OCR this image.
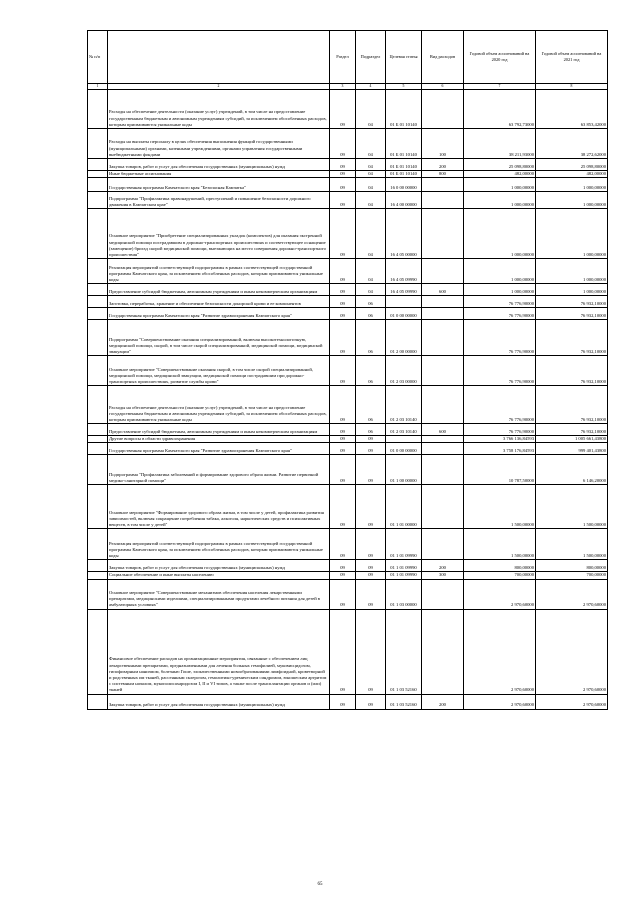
№ п/п		Раздел	Подраздел	Целевая статья	Вид расходов	Годовой объем ассигнований на 2020 год	Годовой объем ассигнований на 2021 год
1	2	3	4	5	6	7	8
	Расходы на обеспечение деятельности (оказание услуг) учреждений, в том числе на предоставление государственным бюджетным и автономным учреждениям субсидий, за исключением обособленных расходов, которым присваиваются уникальные коды	09	04	01 Б 01 10140		63 792,73000	63 853,42000
	Расходы на выплаты персоналу в целях обеспечения выполнения функций государственными (муниципальными) органами, казенными учреждениями, органами управления государственными внебюджетными фондами	09	04	01 Б 01 10140	100	38 211,93000	38 272,62000
	Закупка товаров, работ и услуг для обеспечения государственных (муниципальных) нужд	09	04	01 Б 01 10140	200	25 098,80000	25 098,80000
	Иные бюджетные ассигнования	09	04	01 Б 01 10140	800	482,00000	482,00000
	Государственная программа Камчатского края "Безопасная Камчатка"	09	04	16 0 00 00000		1 000,00000	1 000,00000
	Подпрограмма "Профилактика правонарушений, преступлений и повышение безопасности дорожного движения в Камчатском крае"	09	04	16 4 00 00000		1 000,00000	1 000,00000
	Основное мероприятие "Приобретение специализированных укладок (комплектов) для оказания экстренной медицинской помощи пострадавшим в дорожно-транспортных происшествиях и соответствующее оснащение (замещение) бригад скорой медицинской помощи, выезжающих на место совершения дорожно-транспортного происшествия"	09	04	16 4 05 00000		1 000,00000	1 000,00000
	Реализация мероприятий соответствующей подпрограммы в рамках соответствующей государственной программы Камчатского края, за исключением обособленных расходов, которым присваиваются уникальные коды	09	04	16 4 05 09990		1 000,00000	1 000,00000
	Предоставление субсидий бюджетным, автономным учреждениям и иным некоммерческим организациям	09	04	16 4 05 09990	600	1 000,00000	1 000,00000
	Заготовка, переработка, хранение и обеспечение безопасности донорской крови и ее компонентов	09	06			76 776,90000	76 932,10000
	Государственная программа Камчатского края "Развитие здравоохранения Камчатского края"	09	06	01 0 00 00000		76 776,90000	76 932,10000
	Подпрограмма "Совершенствование оказания специализированной, включая высокотехнологичную, медицинской помощи, скорой, в том числе скорой специализированной, медицинской помощи, медицинской эвакуации"	09	06	01 2 00 00000		76 776,90000	76 932,10000
	Основное мероприятие "Совершенствование оказания скорой, в том числе скорой специализированной, медицинской помощи, медицинской эвакуации, медицинской помощи пострадавшим при дорожно-транспортных происшествиях, развитие службы крови"	09	06	01 2 03 00000		76 776,90000	76 932,10000
	Расходы на обеспечение деятельности (оказание услуг) учреждений, в том числе на предоставление государственным бюджетным и автономным учреждениям субсидий, за исключением обособленных расходов, которым присваиваются уникальные коды	09	06	01 2 03 10140		76 776,90000	76 932,10000
	Предоставление субсидий бюджетным, автономным учреждениям и иным некоммерческим организациям	09	06	01 2 03 10140	600	76 776,90000	76 932,10000
	Другие вопросы в области здравоохранения	09	09			3 766 136,84593	1 005 661,43800
	Государственная программа Камчатского края "Развитие здравоохранения Камчатского края"	09	09	01 0 00 00000		3 758 176,84593	999 401,43800
	Подпрограмма "Профилактика заболеваний и формирование здорового образа жизни. Развитие первичной медико-санитарной помощи"	09	09	01 1 00 00000		10 787,50000	6 146,20000
	Основное мероприятие "Формирование здорового образа жизни, в том числе у детей, профилактика развития зависимостей, включая сокращение потребления табака, алкоголя, наркотических средств и психоактивных веществ, в том числе у детей"	09	09	01 1 01 00000		1 500,00000	1 500,00000
	Реализация мероприятий соответствующей подпрограммы в рамках соответствующей государственной программы Камчатского края, за исключением обособленных расходов, которым присваиваются уникальные коды	09	09	01 1 01 09990		1 500,00000	1 500,00000
	Закупка товаров, работ и услуг для обеспечения государственных (муниципальных) нужд	09	09	01 1 01 09990	200	800,00000	800,00000
	Социальное обеспечение и иные выплаты населению	09	09	01 1 01 09990	300	700,00000	700,00000
	Основное мероприятие "Совершенствование механизмов обеспечения населения лекарственными препаратами, медицинскими изделиями, специализированными продуктами лечебного питания для детей в амбулаторных условиях"	09	09	01 1 03 00000		2 970,60000	2 970,60000
	Финансовое обеспечение расходов на организационные мероприятия, связанные с обеспечением лиц лекарственными препаратами, предназначенными для лечения больных гемофилией, муковисцидозом, гипофизарным нанизмом, болезнью Гоше, злокачественными новообразованиями лимфоидной, кроветворной и родственных им тканей, рассеянным склерозом, гемолитико-уремическим синдромом, юношеским артритом с системным началом, мукополисахаридозом I, II и VI типов, а также после трансплантации органов и (или) тканей	09	09	01 1 03 52160		2 970,60000	2 970,60000
	Закупка товаров, работ и услуг для обеспечения государственных (муниципальных) нужд	09	09	01 1 03 52160	200	2 970,60000	2 970,60000
65
